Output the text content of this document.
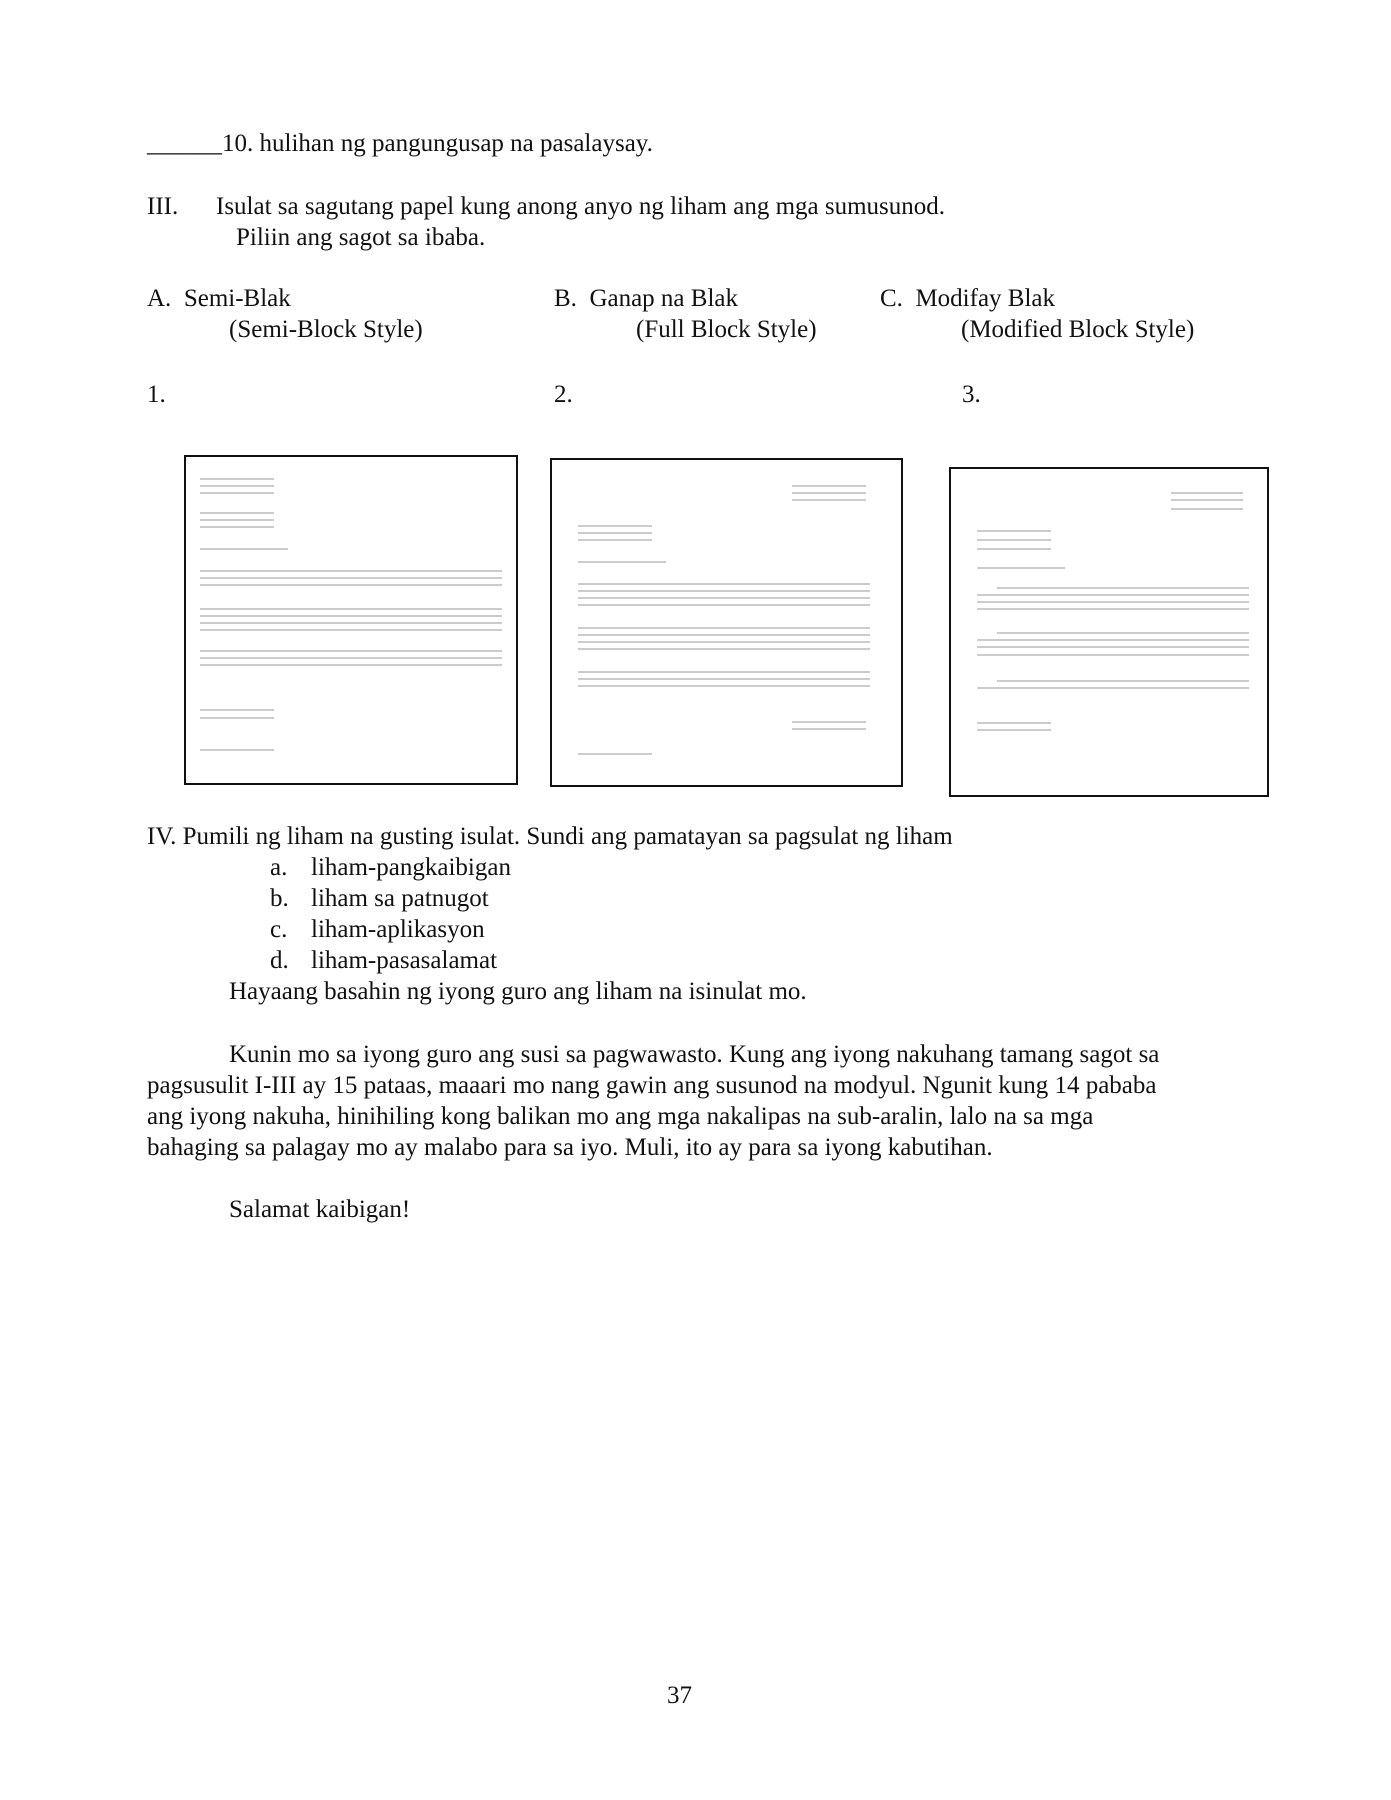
______10. hulihan ng pangungusap na pasalaysay.
III. Isulat sa sagutang papel kung anong anyo ng liham ang mga sumusunod.
Piliin ang sagot sa ibaba.
A. Semi-Blak
(Semi-Block Style)
B. Ganap na Blak
(Full Block Style)
C. Modifay Blak
(Modified Block Style)
1.	2.	3.
IV. Pumili ng liham na gusting isulat. Sundi ang pamatayan sa pagsulat ng liham
a. liham-pangkaibigan
b. liham sa patnugot
c. liham-aplikasyon
d. liham-pasasalamat
Hayaang basahin ng iyong guro ang liham na isinulat mo.
Kunin mo sa iyong guro ang susi sa pagwawasto. Kung ang iyong nakuhang tamang sagot sa
pagsusulit I-III ay 15 pataas, maaari mo nang gawin ang susunod na modyul. Ngunit kung 14 pababa
ang iyong nakuha, hinihiling kong balikan mo ang mga nakalipas na sub-aralin, lalo na sa mga
bahaging sa palagay mo ay malabo para sa iyo. Muli, ito ay para sa iyong kabutihan.
Salamat kaibigan!
37
